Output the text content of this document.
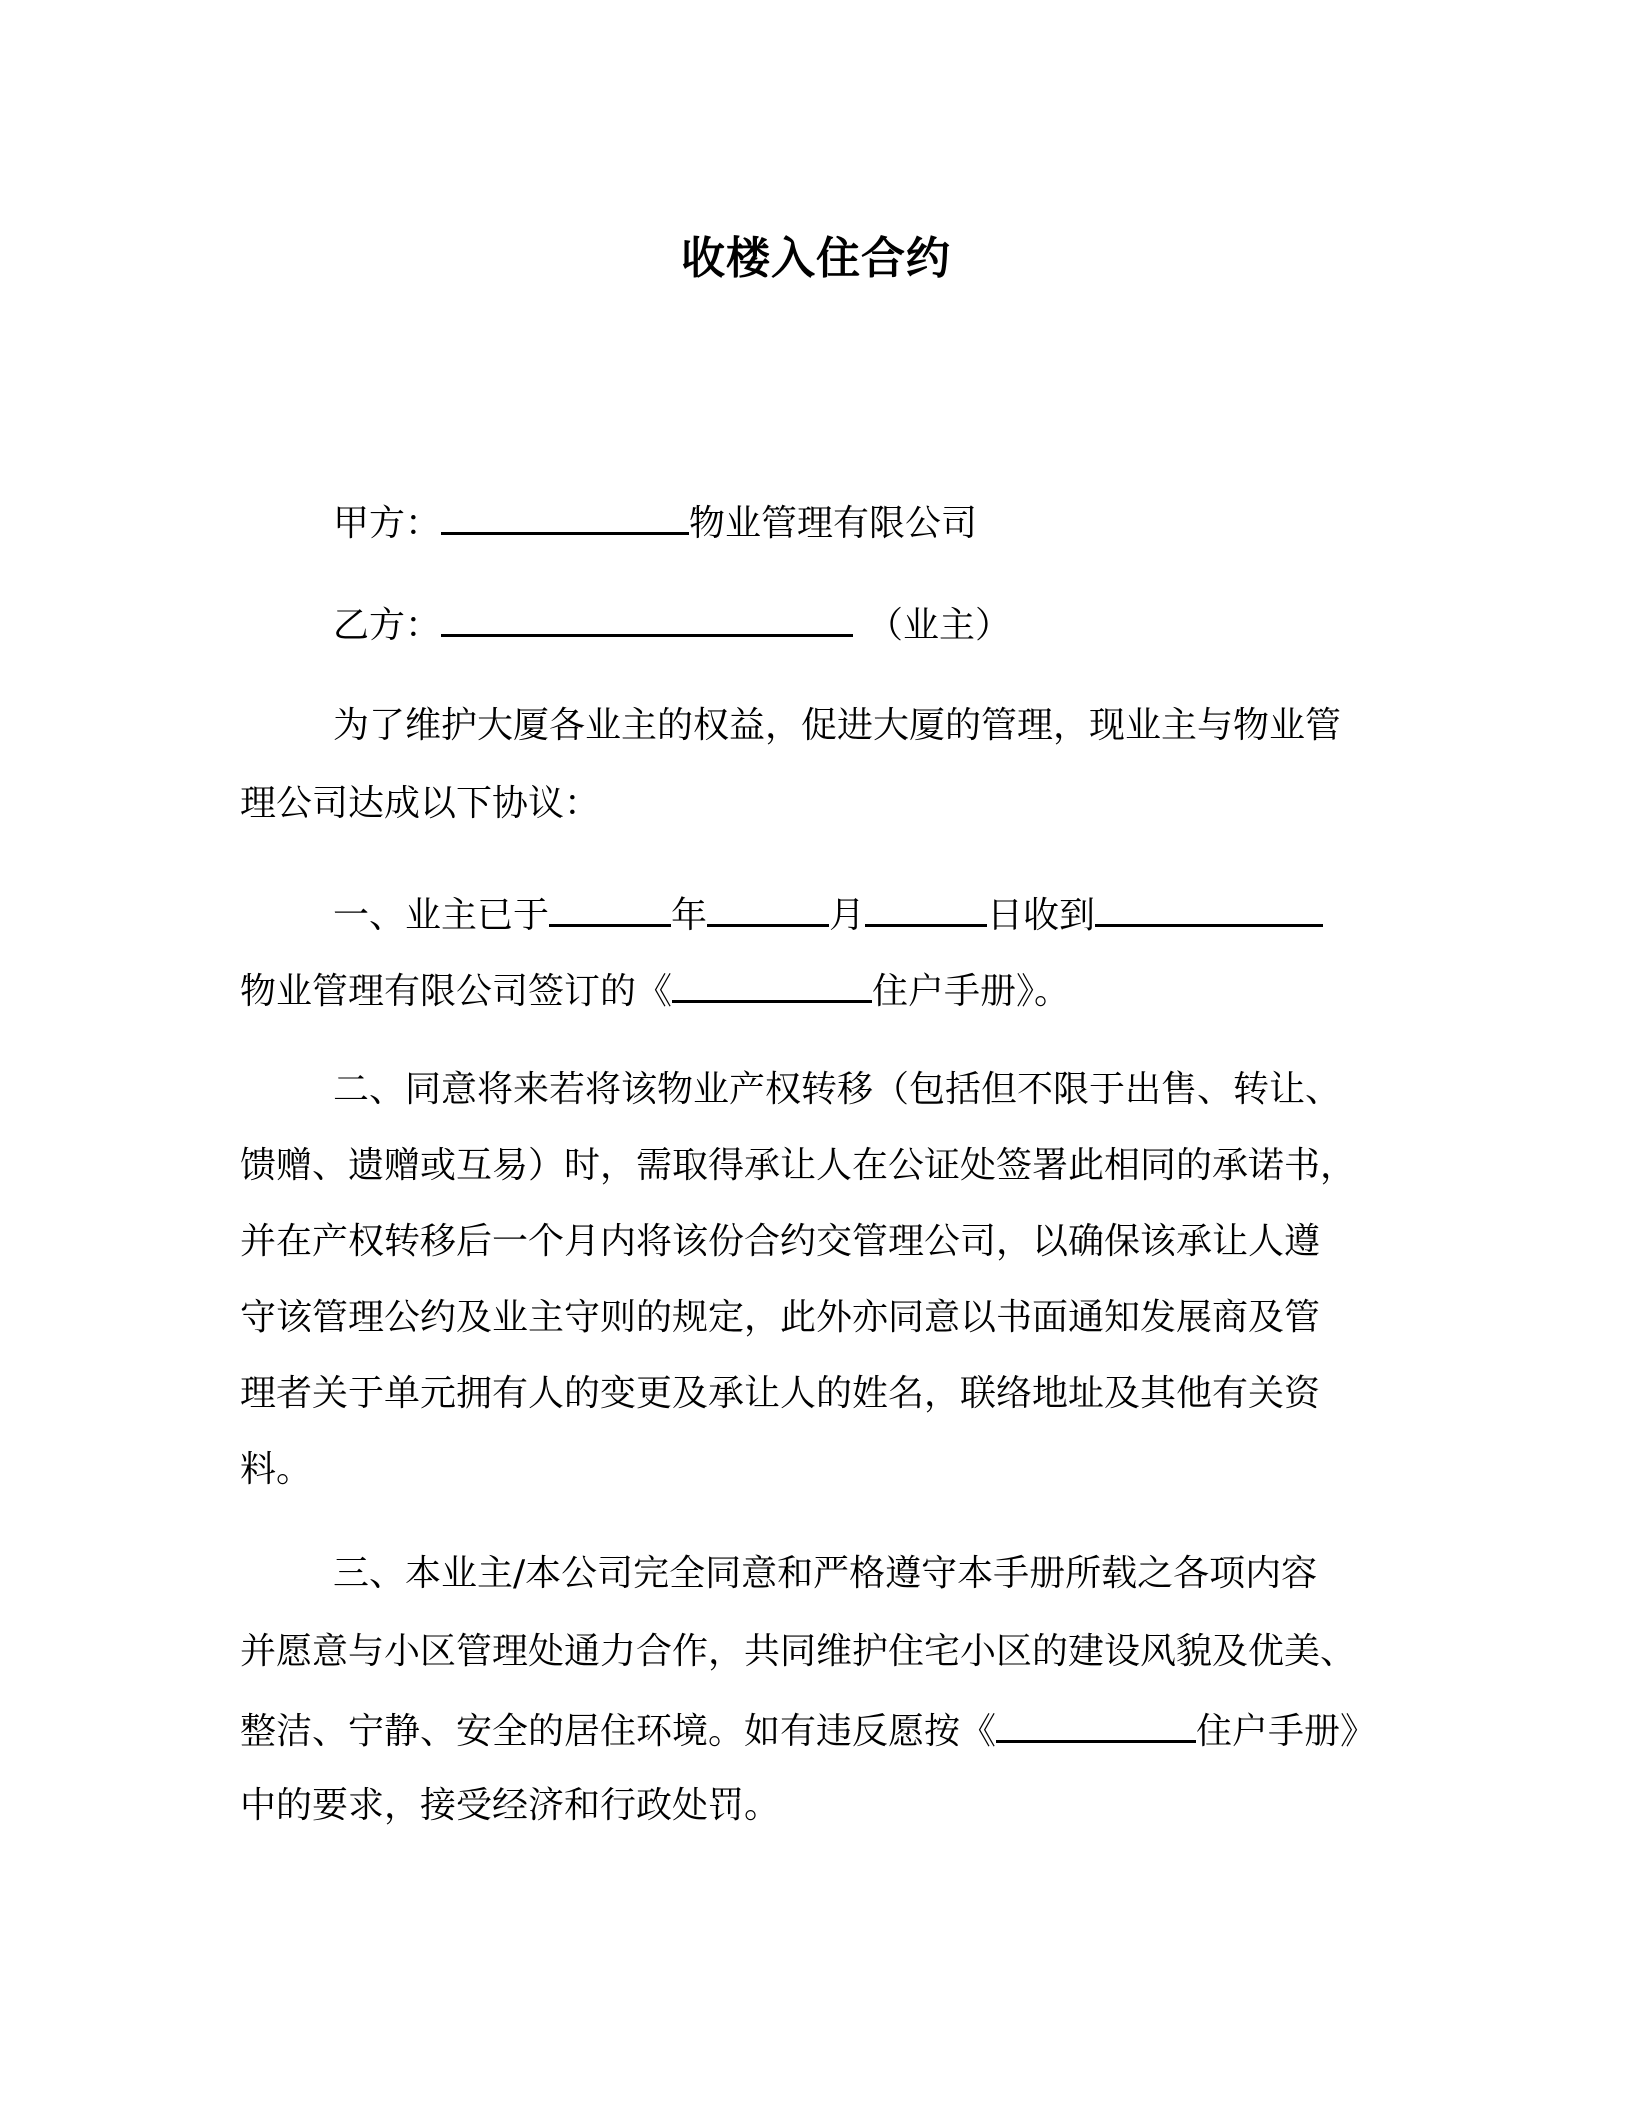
收楼入住合约
甲方：	物业管理有限公司
乙方：	（业主）
为了维护大厦各业主的权益，促进大厦的管理，现业主与物业管
理公司达成以下协议：
一、业主已于	年	月	日收到
物业管理有限公司签订的《	住户手册》。
二、同意将来若将该物业产权转移（包括但不限于出售、转让、
馈赠、遗赠或互易）时，需取得承让人在公证处签署此相同的承诺书，
并在产权转移后一个月内将该份合约交管理公司，以确保该承让人遵
守该管理公约及业主守则的规定，此外亦同意以书面通知发展商及管
理者关于单元拥有人的变更及承让人的姓名，联络地址及其他有关资
料。
三、本业主/本公司完全同意和严格遵守本手册所载之各项内容
并愿意与小区管理处通力合作，共同维护住宅小区的建设风貌及优美、
整洁、宁静、安全的居住环境。如有违反愿按《	住户手册》
中的要求，接受经济和行政处罚。
